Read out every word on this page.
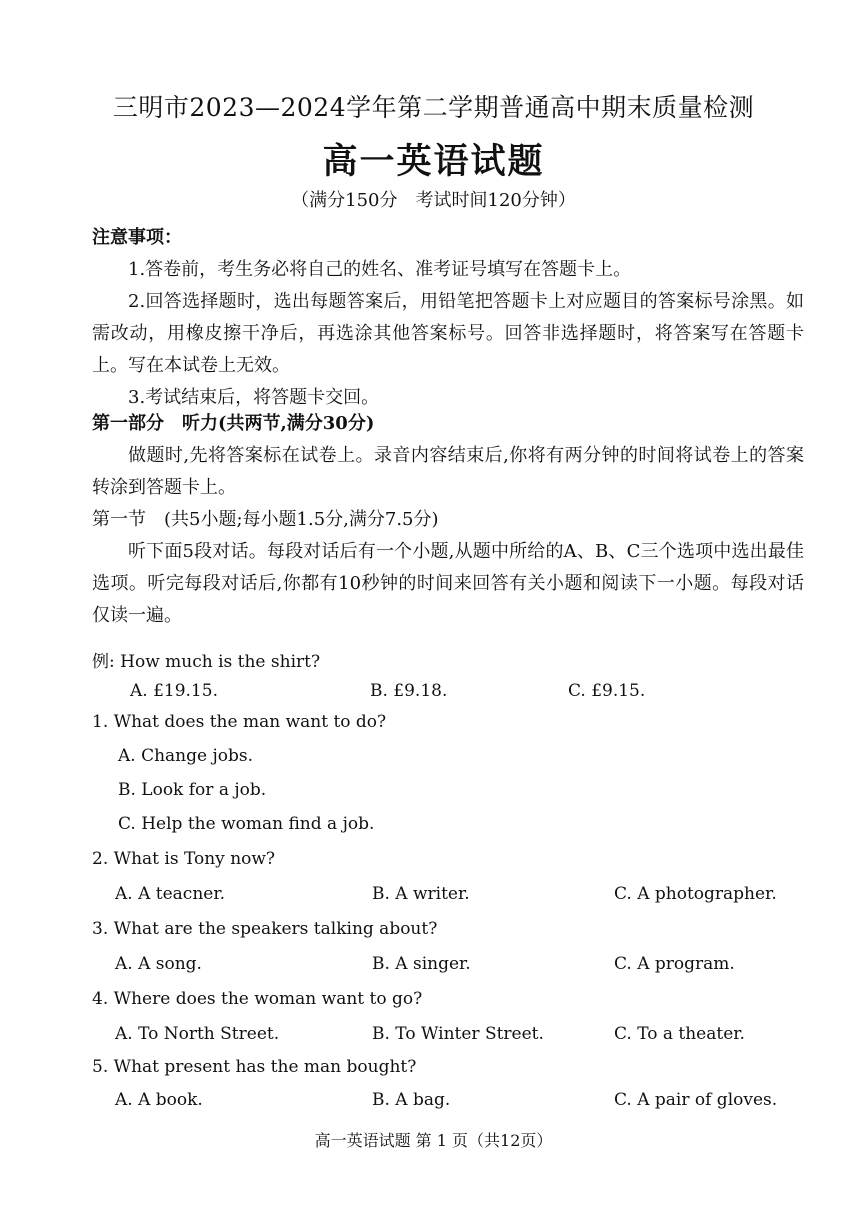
三明市2023—2024学年第二学期普通高中期末质量检测
高一英语试题
（满分150分　考试时间120分钟）
注意事项：
1.答卷前，考生务必将自己的姓名、准考证号填写在答题卡上。
2.回答选择题时，选出每题答案后，用铅笔把答题卡上对应题目的答案标号涂黑。如需改动，用橡皮擦干净后，再选涂其他答案标号。回答非选择题时，将答案写在答题卡上。写在本试卷上无效。
3.考试结束后，将答题卡交回。
第一部分　听力(共两节,满分30分)
做题时,先将答案标在试卷上。录音内容结束后,你将有两分钟的时间将试卷上的答案转涂到答题卡上。
第一节　(共5小题;每小题1.5分,满分7.5分)
听下面5段对话。每段对话后有一个小题,从题中所给的A、B、C三个选项中选出最佳选项。听完每段对话后,你都有10秒钟的时间来回答有关小题和阅读下一小题。每段对话仅读一遍。
例: How much is the shirt?
A. £19.15.	B. £9.18.	C. £9.15.
1. What does the man want to do?
A. Change jobs.
B. Look for a job.
C. Help the woman find a job.
2. What is Tony now?
A. A teacner.	B. A writer.	C. A photographer.
3. What are the speakers talking about?
A. A song.	B. A singer.	C. A program.
4. Where does the woman want to go?
A. To North Street.	B. To Winter Street.	C. To a theater.
5. What present has the man bought?
A. A book.	B. A bag.	C. A pair of gloves.
高一英语试题 第 1 页（共12页）
